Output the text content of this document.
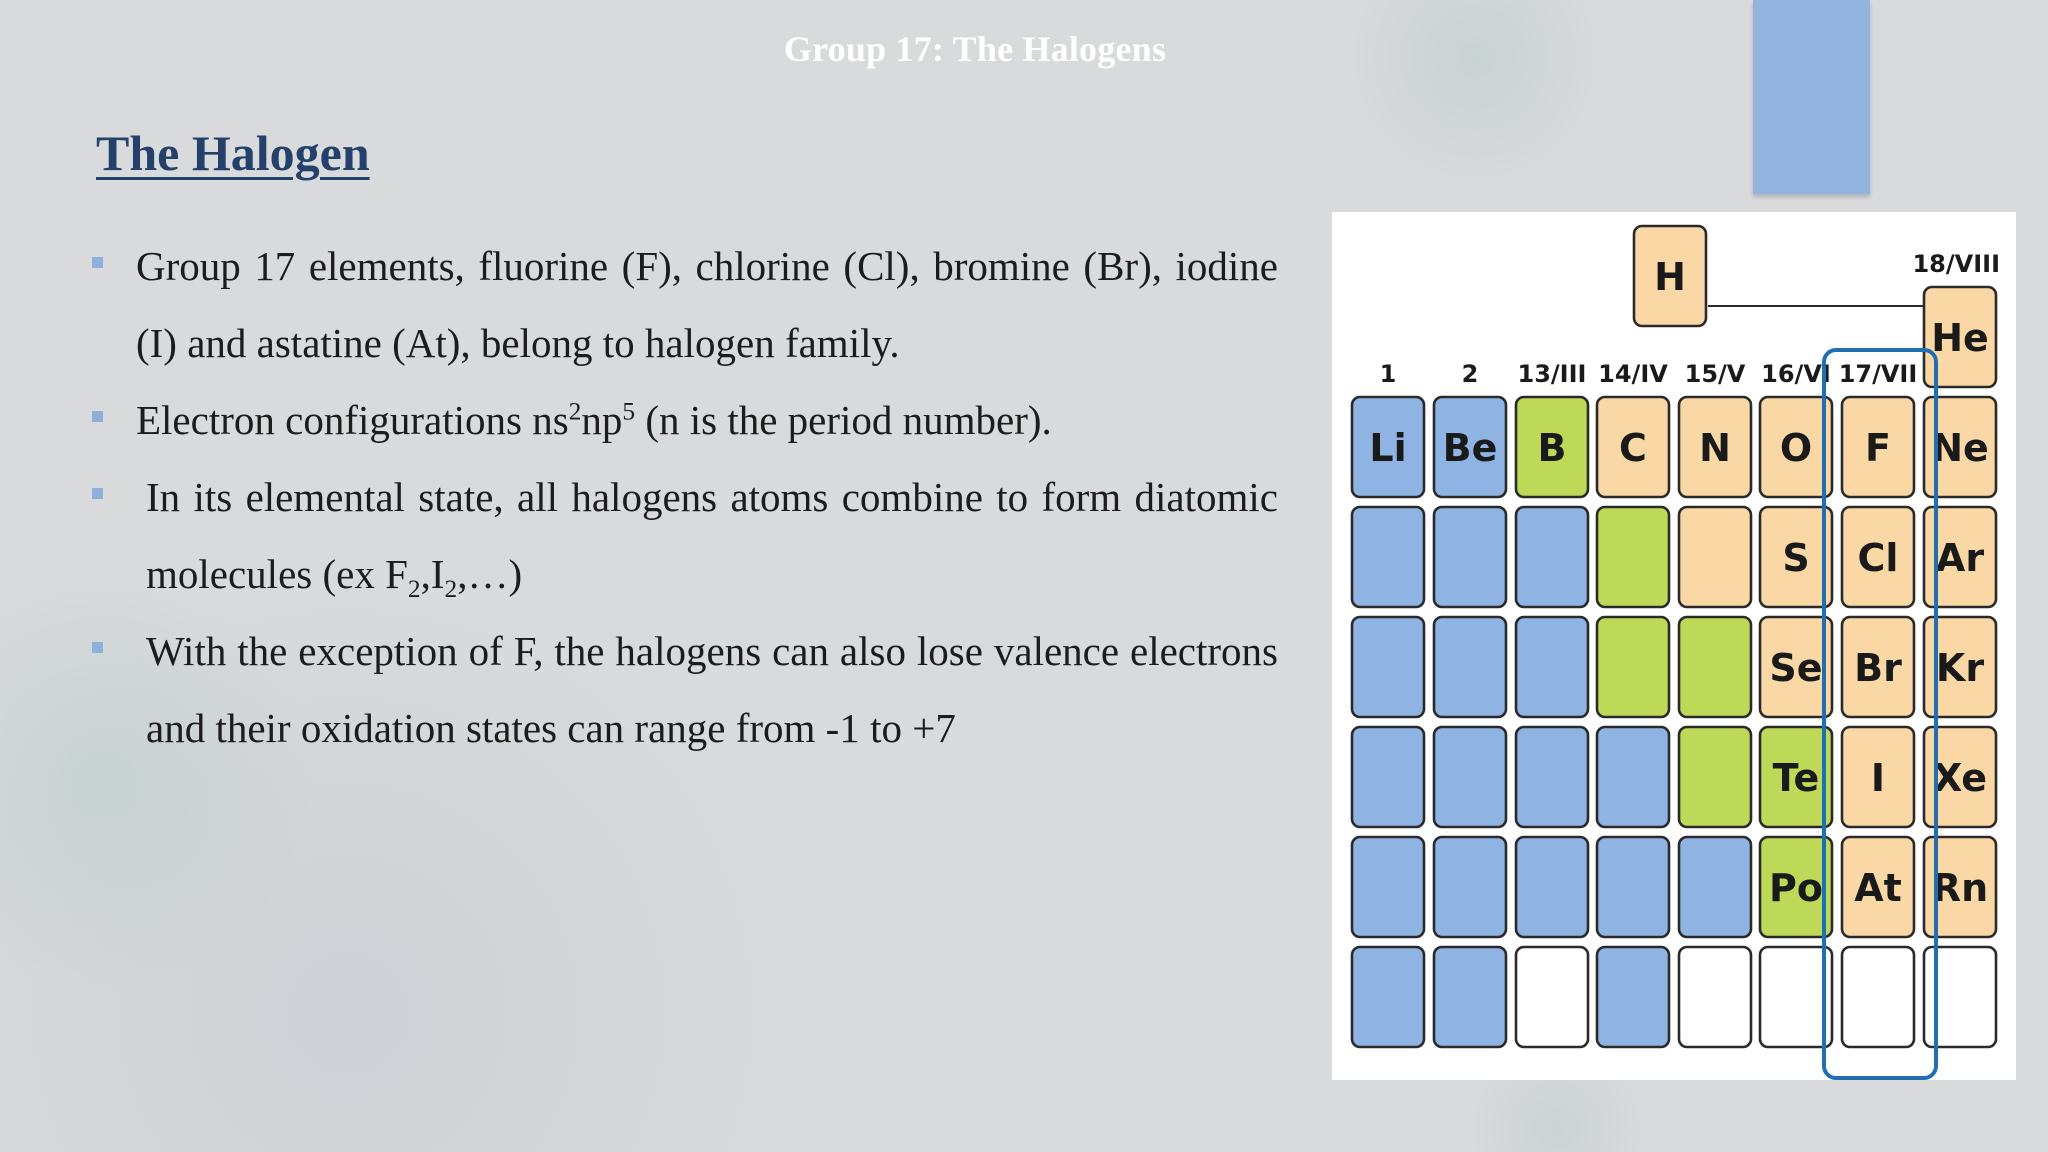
Group 17: The Halogens
The Halogen
Group 17 elements, fluorine (F), chlorine (Cl), bromine (Br), iodine (I) and astatine (At), belong to halogen family.
Electron configurations $ns^2np^5$ (n is the period number).
In its elemental state, all halogens atoms combine to form diatomic molecules (ex $F_2,I_2,\dots$)
With the exception of F, the halogens can also lose valence electrons and their oxidation states can range from -1 to +7
1	2 13/III 14/IV 15/V 16/VI 17/VII
18/VIII
H
He
Li Be B C N O F Ne
S Cl Ar
Se Br Kr
Te I Xe
Po At Rn
